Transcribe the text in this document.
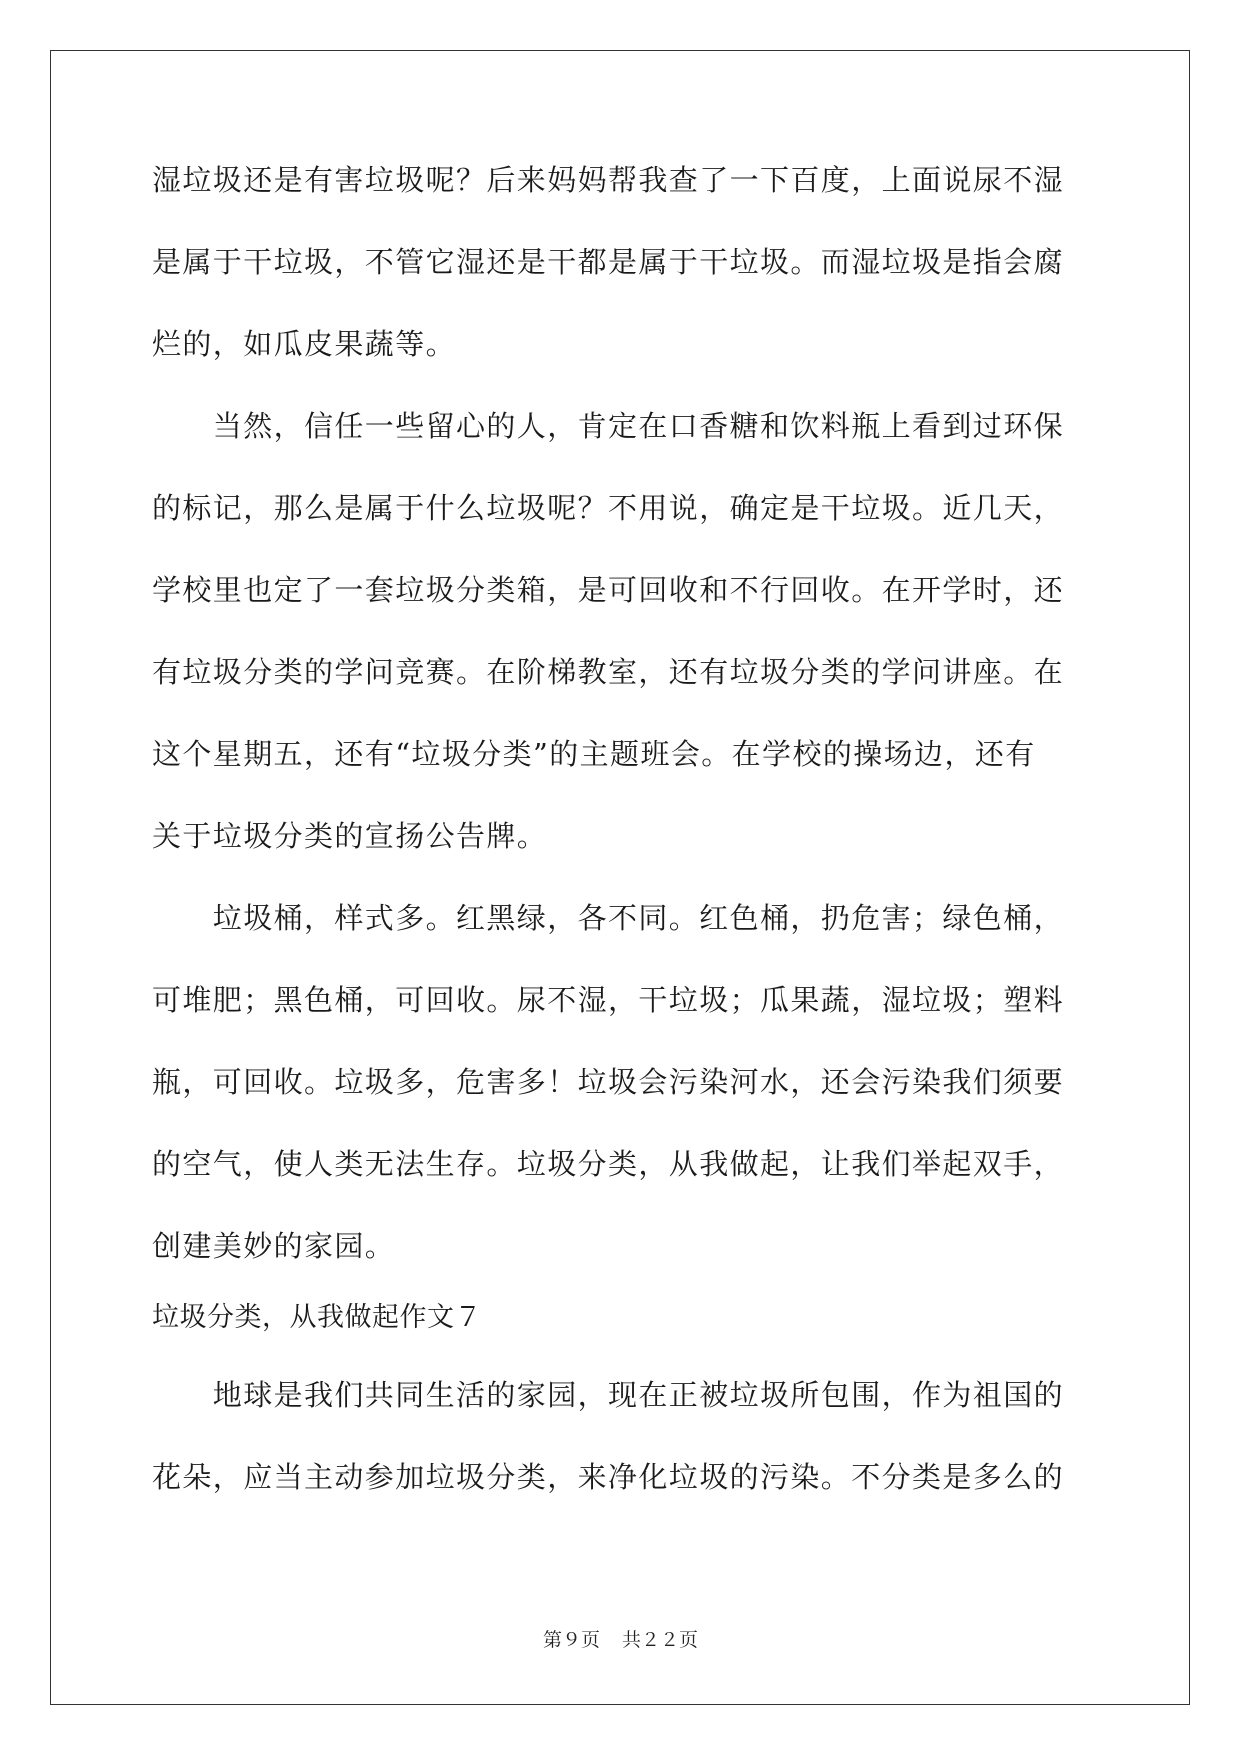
湿垃圾还是有害垃圾呢？后来妈妈帮我查了一下百度，上面说尿不湿
是属于干垃圾，不管它湿还是干都是属于干垃圾。而湿垃圾是指会腐
烂的，如瓜皮果蔬等。
　　当然，信任一些留心的人，肯定在口香糖和饮料瓶上看到过环保
的标记，那么是属于什么垃圾呢？不用说，确定是干垃圾。近几天，
学校里也定了一套垃圾分类箱，是可回收和不行回收。在开学时，还
有垃圾分类的学问竞赛。在阶梯教室，还有垃圾分类的学问讲座。在
这个星期五，还有“垃圾分类”的主题班会。在学校的操场边，还有
关于垃圾分类的宣扬公告牌。
　　垃圾桶，样式多。红黑绿，各不同。红色桶，扔危害；绿色桶，
可堆肥；黑色桶，可回收。尿不湿，干垃圾；瓜果蔬，湿垃圾；塑料
瓶，可回收。垃圾多，危害多！垃圾会污染河水，还会污染我们须要
的空气，使人类无法生存。垃圾分类，从我做起，让我们举起双手，
创建美妙的家园。
垃圾分类，从我做起作文７
　　地球是我们共同生活的家园，现在正被垃圾所包围，作为祖国的
花朵，应当主动参加垃圾分类，来净化垃圾的污染。不分类是多么的
第９页 共２２页
